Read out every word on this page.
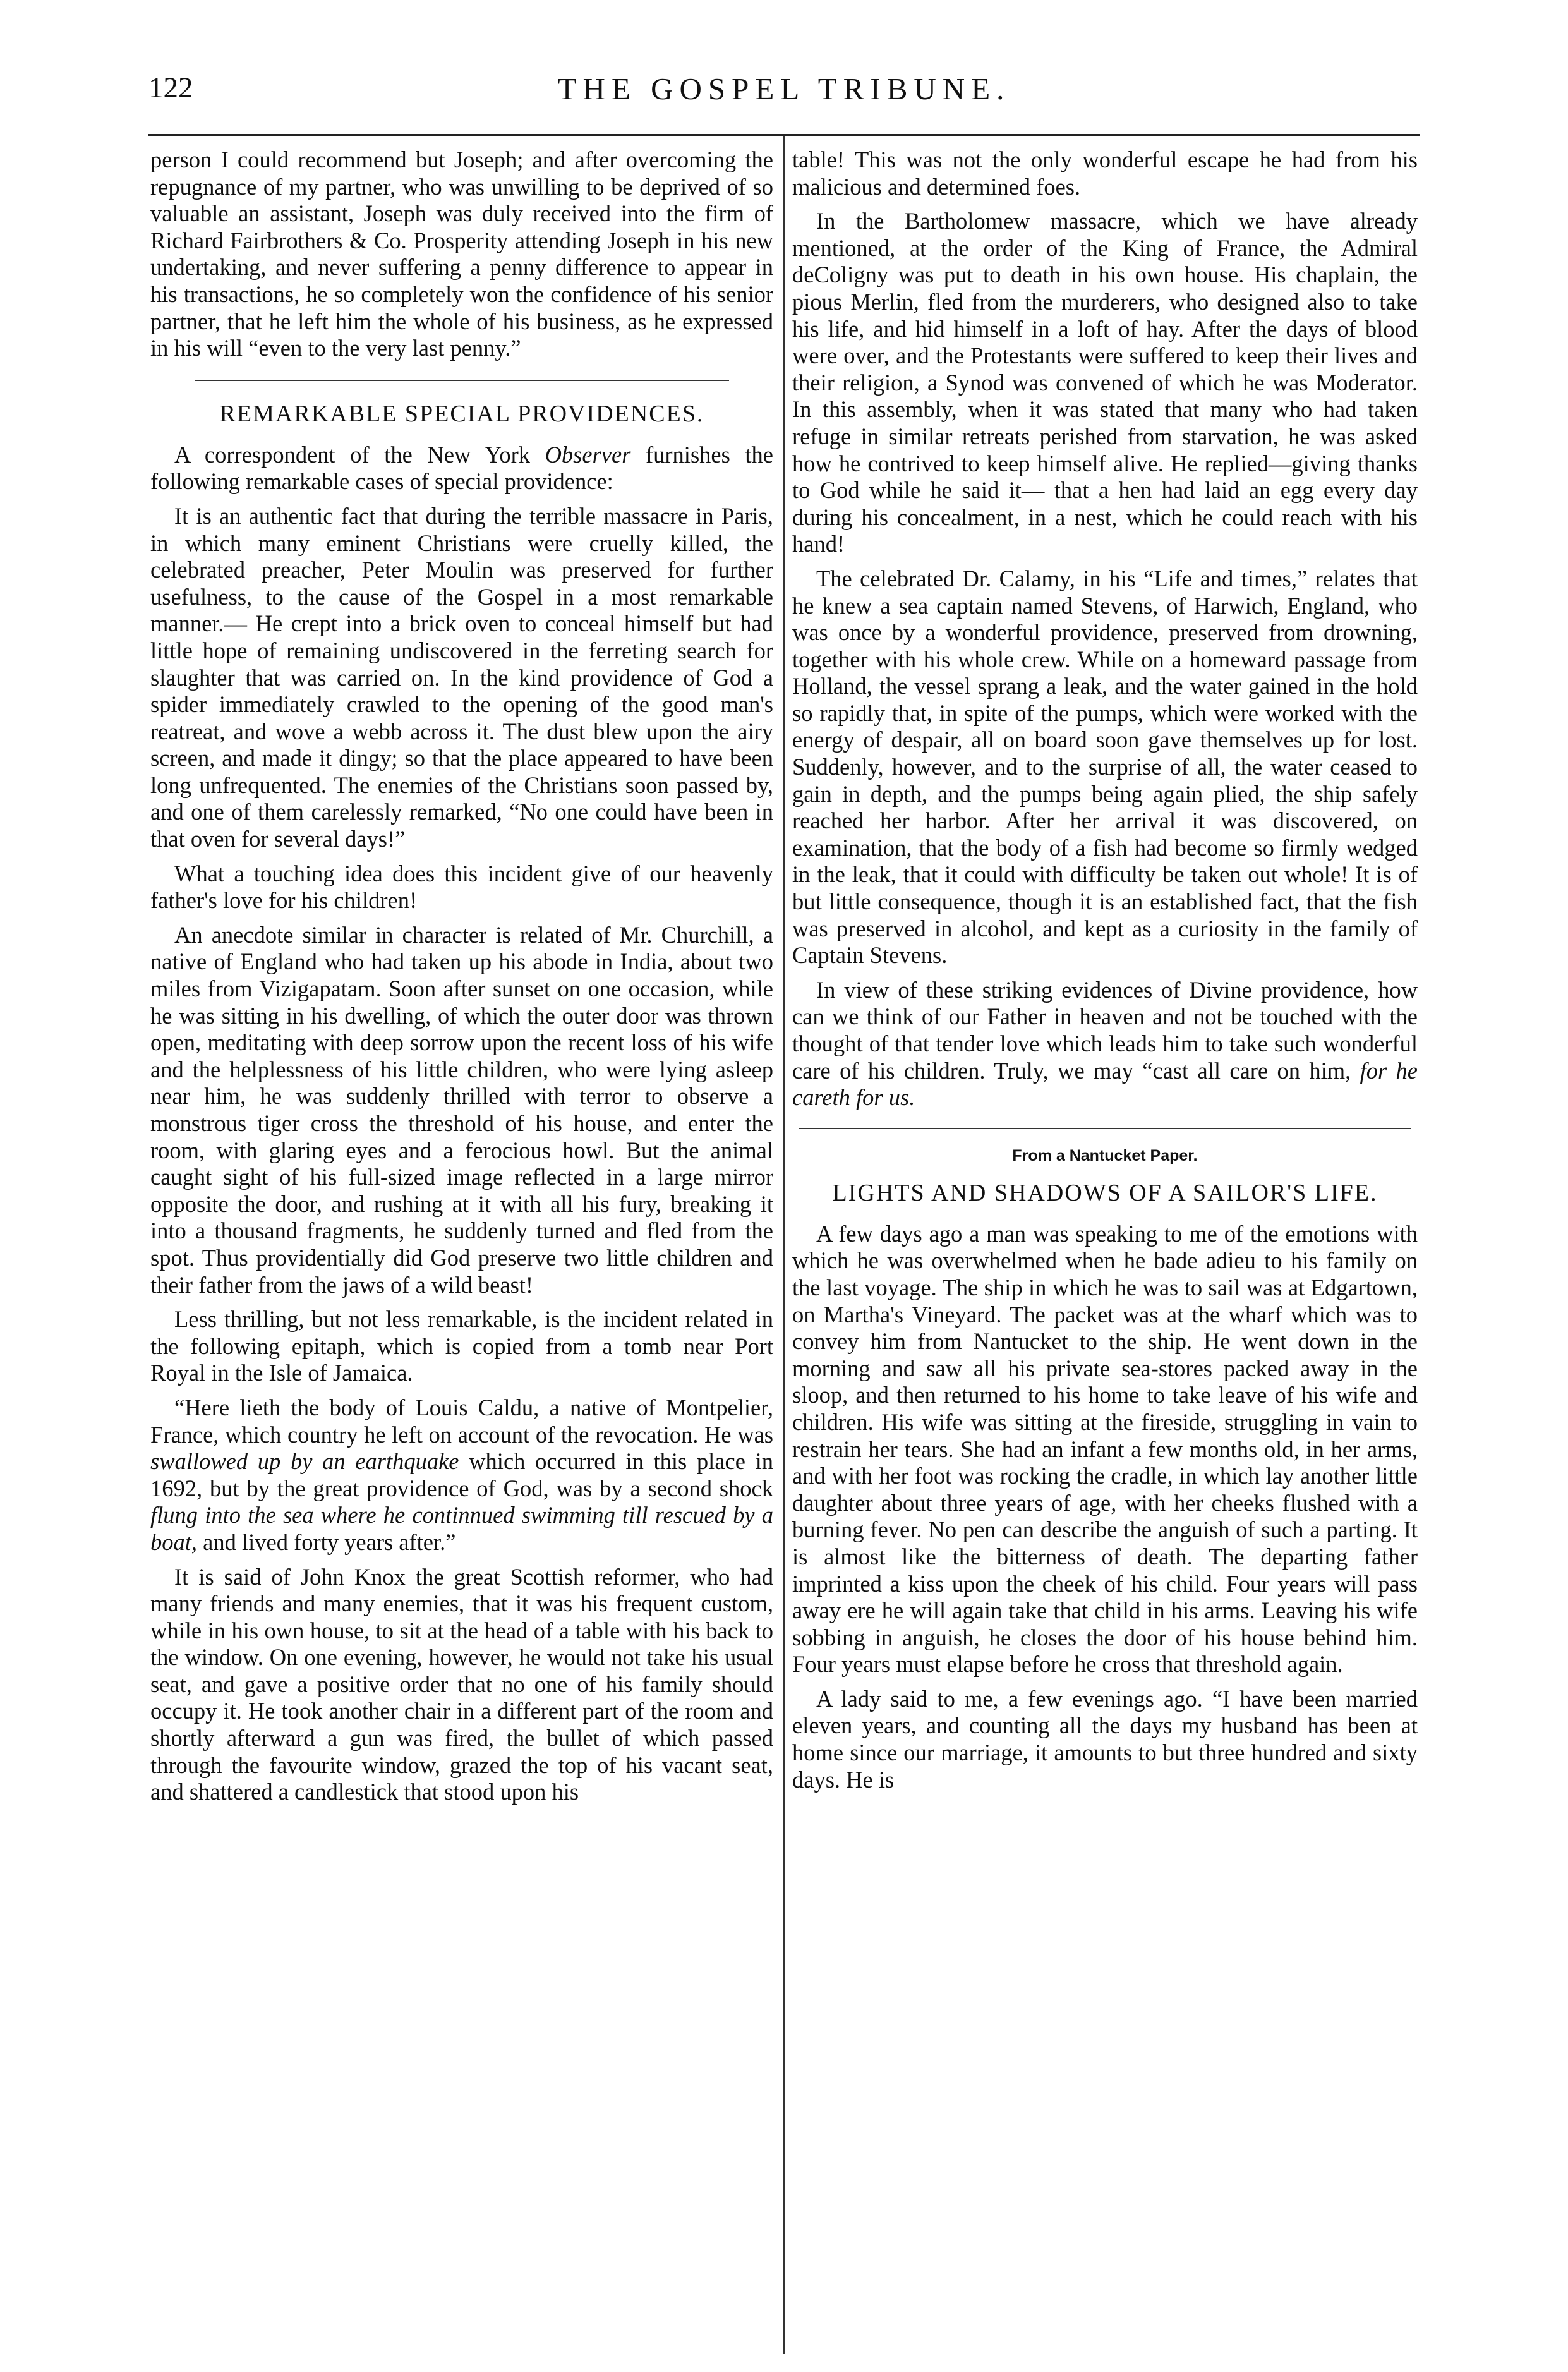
122	THE GOSPEL TRIBUNE.

person I could recommend but Joseph; and after overcoming the repugnance of my partner, who was unwilling to be deprived of so valuable an assistant, Joseph was duly received into the firm of Richard Fairbrothers & Co. Prosperity attending Joseph in his new undertaking, and never suffering a penny difference to appear in his transactions, he so completely won the confidence of his senior partner, that he left him the whole of his business, as he expressed in his will “even to the very last penny.”

REMARKABLE SPECIAL PROVIDENCES.

A correspondent of the New York Observer furnishes the following remarkable cases of special providence:

It is an authentic fact that during the terrible massacre in Paris, in which many eminent Christians were cruelly killed, the celebrated preacher, Peter Moulin was preserved for further usefulness, to the cause of the Gospel in a most remarkable manner.— He crept into a brick oven to conceal himself but had little hope of remaining undiscovered in the ferreting search for slaughter that was carried on. In the kind providence of God a spider immediately crawled to the opening of the good man's reatreat, and wove a webb across it. The dust blew upon the airy screen, and made it dingy; so that the place appeared to have been long unfrequented. The enemies of the Christians soon passed by, and one of them carelessly remarked, “No one could have been in that oven for several days!”

What a touching idea does this incident give of our heavenly father's love for his children!

An anecdote similar in character is related of Mr. Churchill, a native of England who had taken up his abode in India, about two miles from Vizigapatam. Soon after sunset on one occasion, while he was sitting in his dwelling, of which the outer door was thrown open, meditating with deep sorrow upon the recent loss of his wife and the helplessness of his little children, who were lying asleep near him, he was suddenly thrilled with terror to observe a monstrous tiger cross the threshold of his house, and enter the room, with glaring eyes and a ferocious howl. But the animal caught sight of his full-sized image reflected in a large mirror opposite the door, and rushing at it with all his fury, breaking it into a thousand fragments, he suddenly turned and fled from the spot. Thus providentially did God preserve two little children and their father from the jaws of a wild beast!

Less thrilling, but not less remarkable, is the incident related in the following epitaph, which is copied from a tomb near Port Royal in the Isle of Jamaica.

“Here lieth the body of Louis Caldu, a native of Montpelier, France, which country he left on account of the revocation. He was swallowed up by an earthquake which occurred in this place in 1692, but by the great providence of God, was by a second shock flung into the sea where he continnued swimming till rescued by a boat, and lived forty years after.”

It is said of John Knox the great Scottish reformer, who had many friends and many enemies, that it was his frequent custom, while in his own house, to sit at the head of a table with his back to the window. On one evening, however, he would not take his usual seat, and gave a positive order that no one of his family should occupy it. He took another chair in a different part of the room and shortly afterward a gun was fired, the bullet of which passed through the favourite window, grazed the top of his vacant seat, and shattered a candlestick that stood upon his

table! This was not the only wonderful escape he had from his malicious and determined foes.

In the Bartholomew massacre, which we have already mentioned, at the order of the King of France, the Admiral deColigny was put to death in his own house. His chaplain, the pious Merlin, fled from the murderers, who designed also to take his life, and hid himself in a loft of hay. After the days of blood were over, and the Protestants were suffered to keep their lives and their religion, a Synod was convened of which he was Moderator. In this assembly, when it was stated that many who had taken refuge in similar retreats perished from starvation, he was asked how he contrived to keep himself alive. He replied—giving thanks to God while he said it— that a hen had laid an egg every day during his concealment, in a nest, which he could reach with his hand!

The celebrated Dr. Calamy, in his “Life and times,” relates that he knew a sea captain named Stevens, of Harwich, England, who was once by a wonderful providence, preserved from drowning, together with his whole crew. While on a homeward passage from Holland, the vessel sprang a leak, and the water gained in the hold so rapidly that, in spite of the pumps, which were worked with the energy of despair, all on board soon gave themselves up for lost. Suddenly, however, and to the surprise of all, the water ceased to gain in depth, and the pumps being again plied, the ship safely reached her harbor. After her arrival it was discovered, on examination, that the body of a fish had become so firmly wedged in the leak, that it could with difficulty be taken out whole! It is of but little consequence, though it is an established fact, that the fish was preserved in alcohol, and kept as a curiosity in the family of Captain Stevens.

In view of these striking evidences of Divine providence, how can we think of our Father in heaven and not be touched with the thought of that tender love which leads him to take such wonderful care of his children. Truly, we may “cast all care on him, for he careth for us.

From a Nantucket Paper.
LIGHTS AND SHADOWS OF A SAILOR'S LIFE.

A few days ago a man was speaking to me of the emotions with which he was overwhelmed when he bade adieu to his family on the last voyage. The ship in which he was to sail was at Edgartown, on Martha's Vineyard. The packet was at the wharf which was to convey him from Nantucket to the ship. He went down in the morning and saw all his private sea-stores packed away in the sloop, and then returned to his home to take leave of his wife and children. His wife was sitting at the fireside, struggling in vain to restrain her tears. She had an infant a few months old, in her arms, and with her foot was rocking the cradle, in which lay another little daughter about three years of age, with her cheeks flushed with a burning fever. No pen can describe the anguish of such a parting. It is almost like the bitterness of death. The departing father imprinted a kiss upon the cheek of his child. Four years will pass away ere he will again take that child in his arms. Leaving his wife sobbing in anguish, he closes the door of his house behind him. Four years must elapse before he cross that threshold again.

A lady said to me, a few evenings ago. “I have been married eleven years, and counting all the days my husband has been at home since our marriage, it amounts to but three hundred and sixty days. He is
